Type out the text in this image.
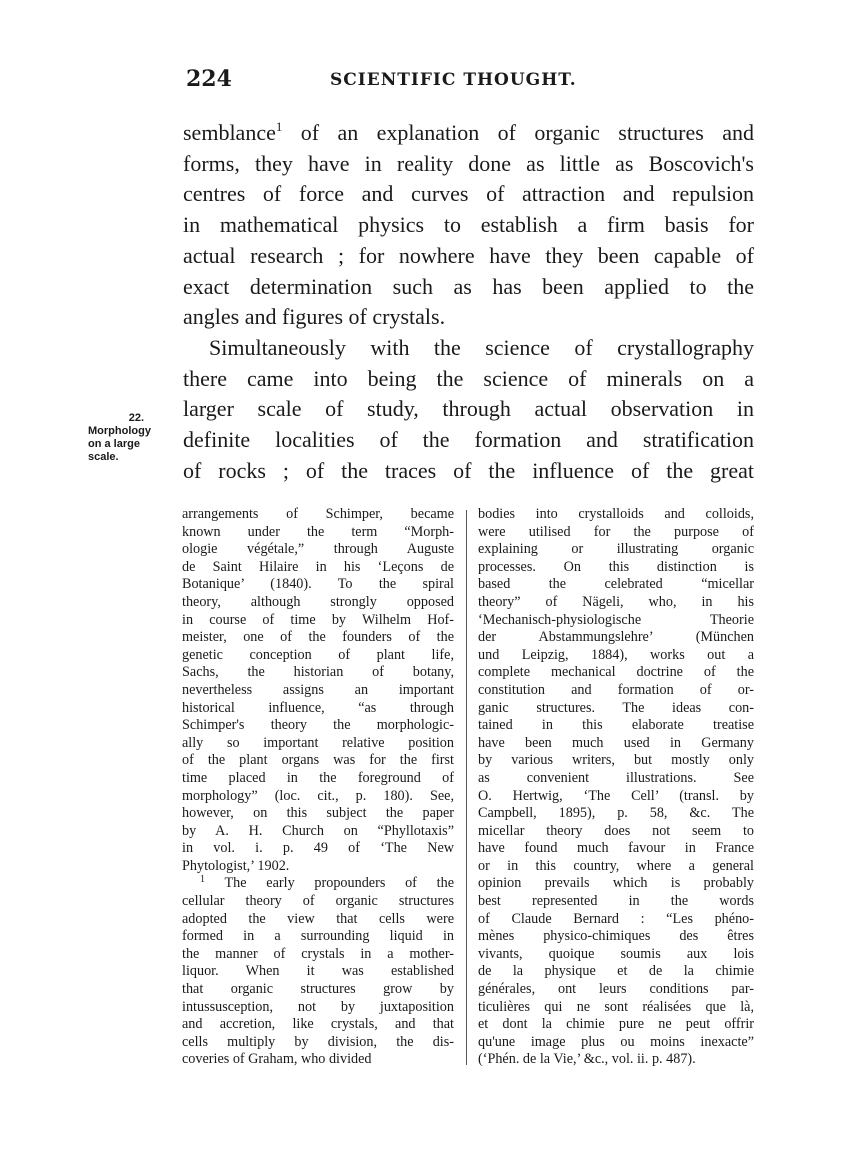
224	SCIENTIFIC THOUGHT.
22.
Morphology
on a large
scale.
semblance$^1$ of an explanation of organic structures and
forms, they have in reality done as little as Boscovich's
centres of force and curves of attraction and repulsion
in mathematical physics to establish a firm basis for
actual research ; for nowhere have they been capable of
exact determination such as has been applied to the
angles and figures of crystals.
Simultaneously with the science of crystallography
there came into being the science of minerals on a
larger scale of study, through actual observation in
definite localities of the formation and stratification
of rocks ; of the traces of the influence of the great
arrangements of Schimper, became
known under the term “Morph-
ologie végétale,” through Auguste
de Saint Hilaire in his ‘Leçons de
Botanique’ (1840). To the spiral
theory, although strongly opposed
in course of time by Wilhelm Hof-
meister, one of the founders of the
genetic conception of plant life,
Sachs, the historian of botany,
nevertheless assigns an important
historical influence, “as through
Schimper's theory the morphologic-
ally so important relative position
of the plant organs was for the first
time placed in the foreground of
morphology” (loc. cit., p. 180). See,
however, on this subject the paper
by A. H. Church on “Phyllotaxis”
in vol. i. p. 49 of ‘The New
Phytologist,’ 1902.
$^1$ The early propounders of the
cellular theory of organic structures
adopted the view that cells were
formed in a surrounding liquid in
the manner of crystals in a mother-
liquor. When it was established
that organic structures grow by
intussusception, not by juxtaposition
and accretion, like crystals, and that
cells multiply by division, the dis-
coveries of Graham, who divided
bodies into crystalloids and colloids,
were utilised for the purpose of
explaining or illustrating organic
processes. On this distinction is
based the celebrated “micellar
theory” of Nägeli, who, in his
‘Mechanisch-physiologische Theorie
der Abstammungslehre’ (München
und Leipzig, 1884), works out a
complete mechanical doctrine of the
constitution and formation of or-
ganic structures. The ideas con-
tained in this elaborate treatise
have been much used in Germany
by various writers, but mostly only
as convenient illustrations. See
O. Hertwig, ‘The Cell’ (transl. by
Campbell, 1895), p. 58, &c. The
micellar theory does not seem to
have found much favour in France
or in this country, where a general
opinion prevails which is probably
best represented in the words
of Claude Bernard : “Les phéno-
mènes physico-chimiques des êtres
vivants, quoique soumis aux lois
de la physique et de la chimie
générales, ont leurs conditions par-
ticulières qui ne sont réalisées que là,
et dont la chimie pure ne peut offrir
qu'une image plus ou moins inexacte”
(‘Phén. de la Vie,’ &c., vol. ii. p. 487).
